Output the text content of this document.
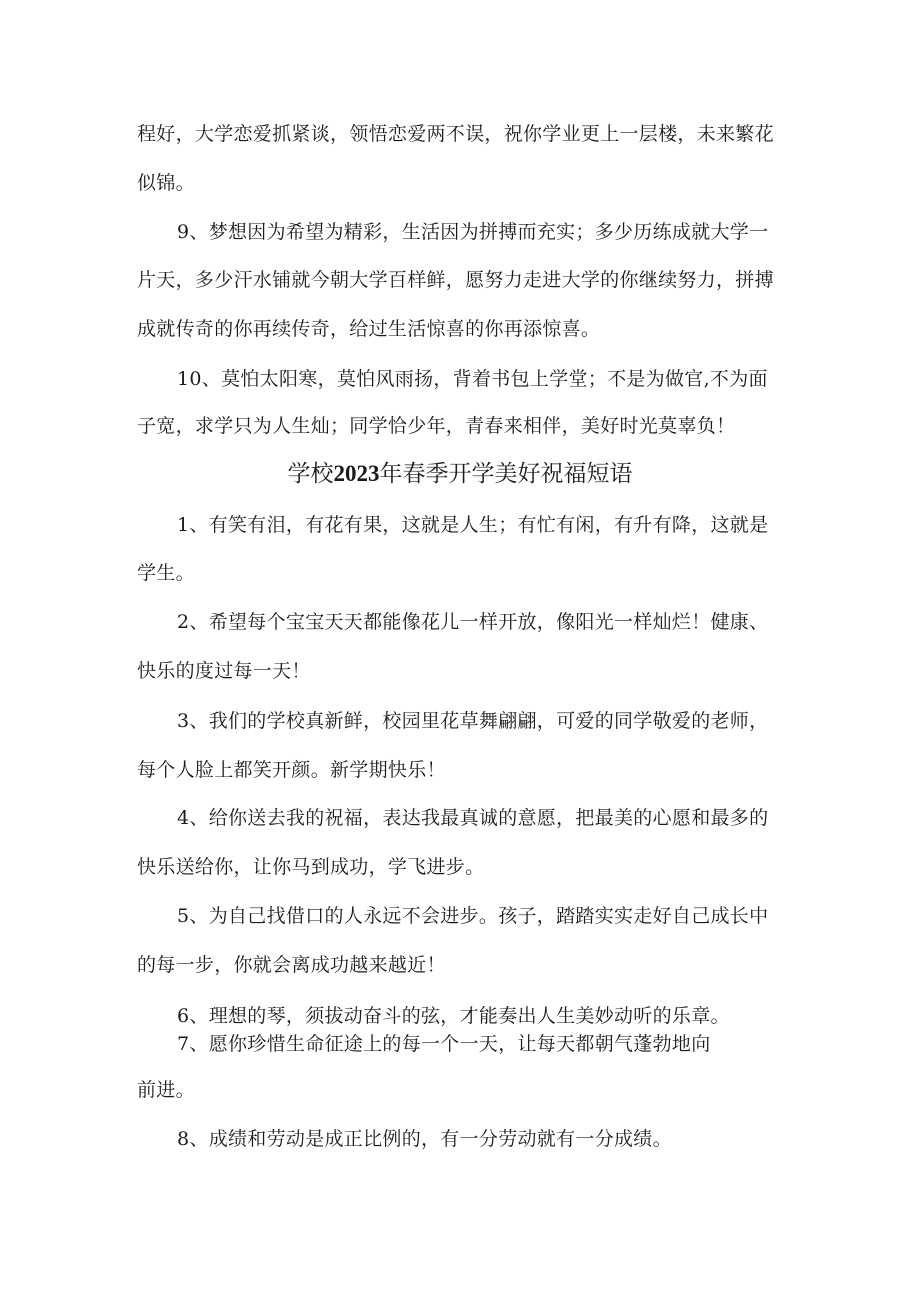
程好，大学恋爱抓紧谈，领悟恋爱两不误，祝你学业更上一层楼，未来繁花
似锦。
9、梦想因为希望为精彩，生活因为拼搏而充实；多少历练成就大学一
片天，多少汗水铺就今朝大学百样鲜，愿努力走进大学的你继续努力，拼搏
成就传奇的你再续传奇，给过生活惊喜的你再添惊喜。
10、莫怕太阳寒，莫怕风雨扬，背着书包上学堂；不是为做官,不为面
子宽，求学只为人生灿；同学恰少年，青春来相伴，美好时光莫辜负！
学校2023年春季开学美好祝福短语
1、有笑有泪，有花有果，这就是人生；有忙有闲，有升有降，这就是
学生。
2、希望每个宝宝天天都能像花儿一样开放，像阳光一样灿烂！健康、
快乐的度过每一天！
3、我们的学校真新鲜，校园里花草舞翩翩，可爱的同学敬爱的老师，
每个人脸上都笑开颜。新学期快乐！
4、给你送去我的祝福，表达我最真诚的意愿，把最美的心愿和最多的
快乐送给你，让你马到成功，学飞进步。
5、为自己找借口的人永远不会进步。孩子，踏踏实实走好自己成长中
的每一步，你就会离成功越来越近！
6、理想的琴，须拔动奋斗的弦，才能奏出人生美妙动听的乐章。
7、愿你珍惜生命征途上的每一个一天，让每天都朝气蓬勃地向
前进。
8、成绩和劳动是成正比例的，有一分劳动就有一分成绩。
